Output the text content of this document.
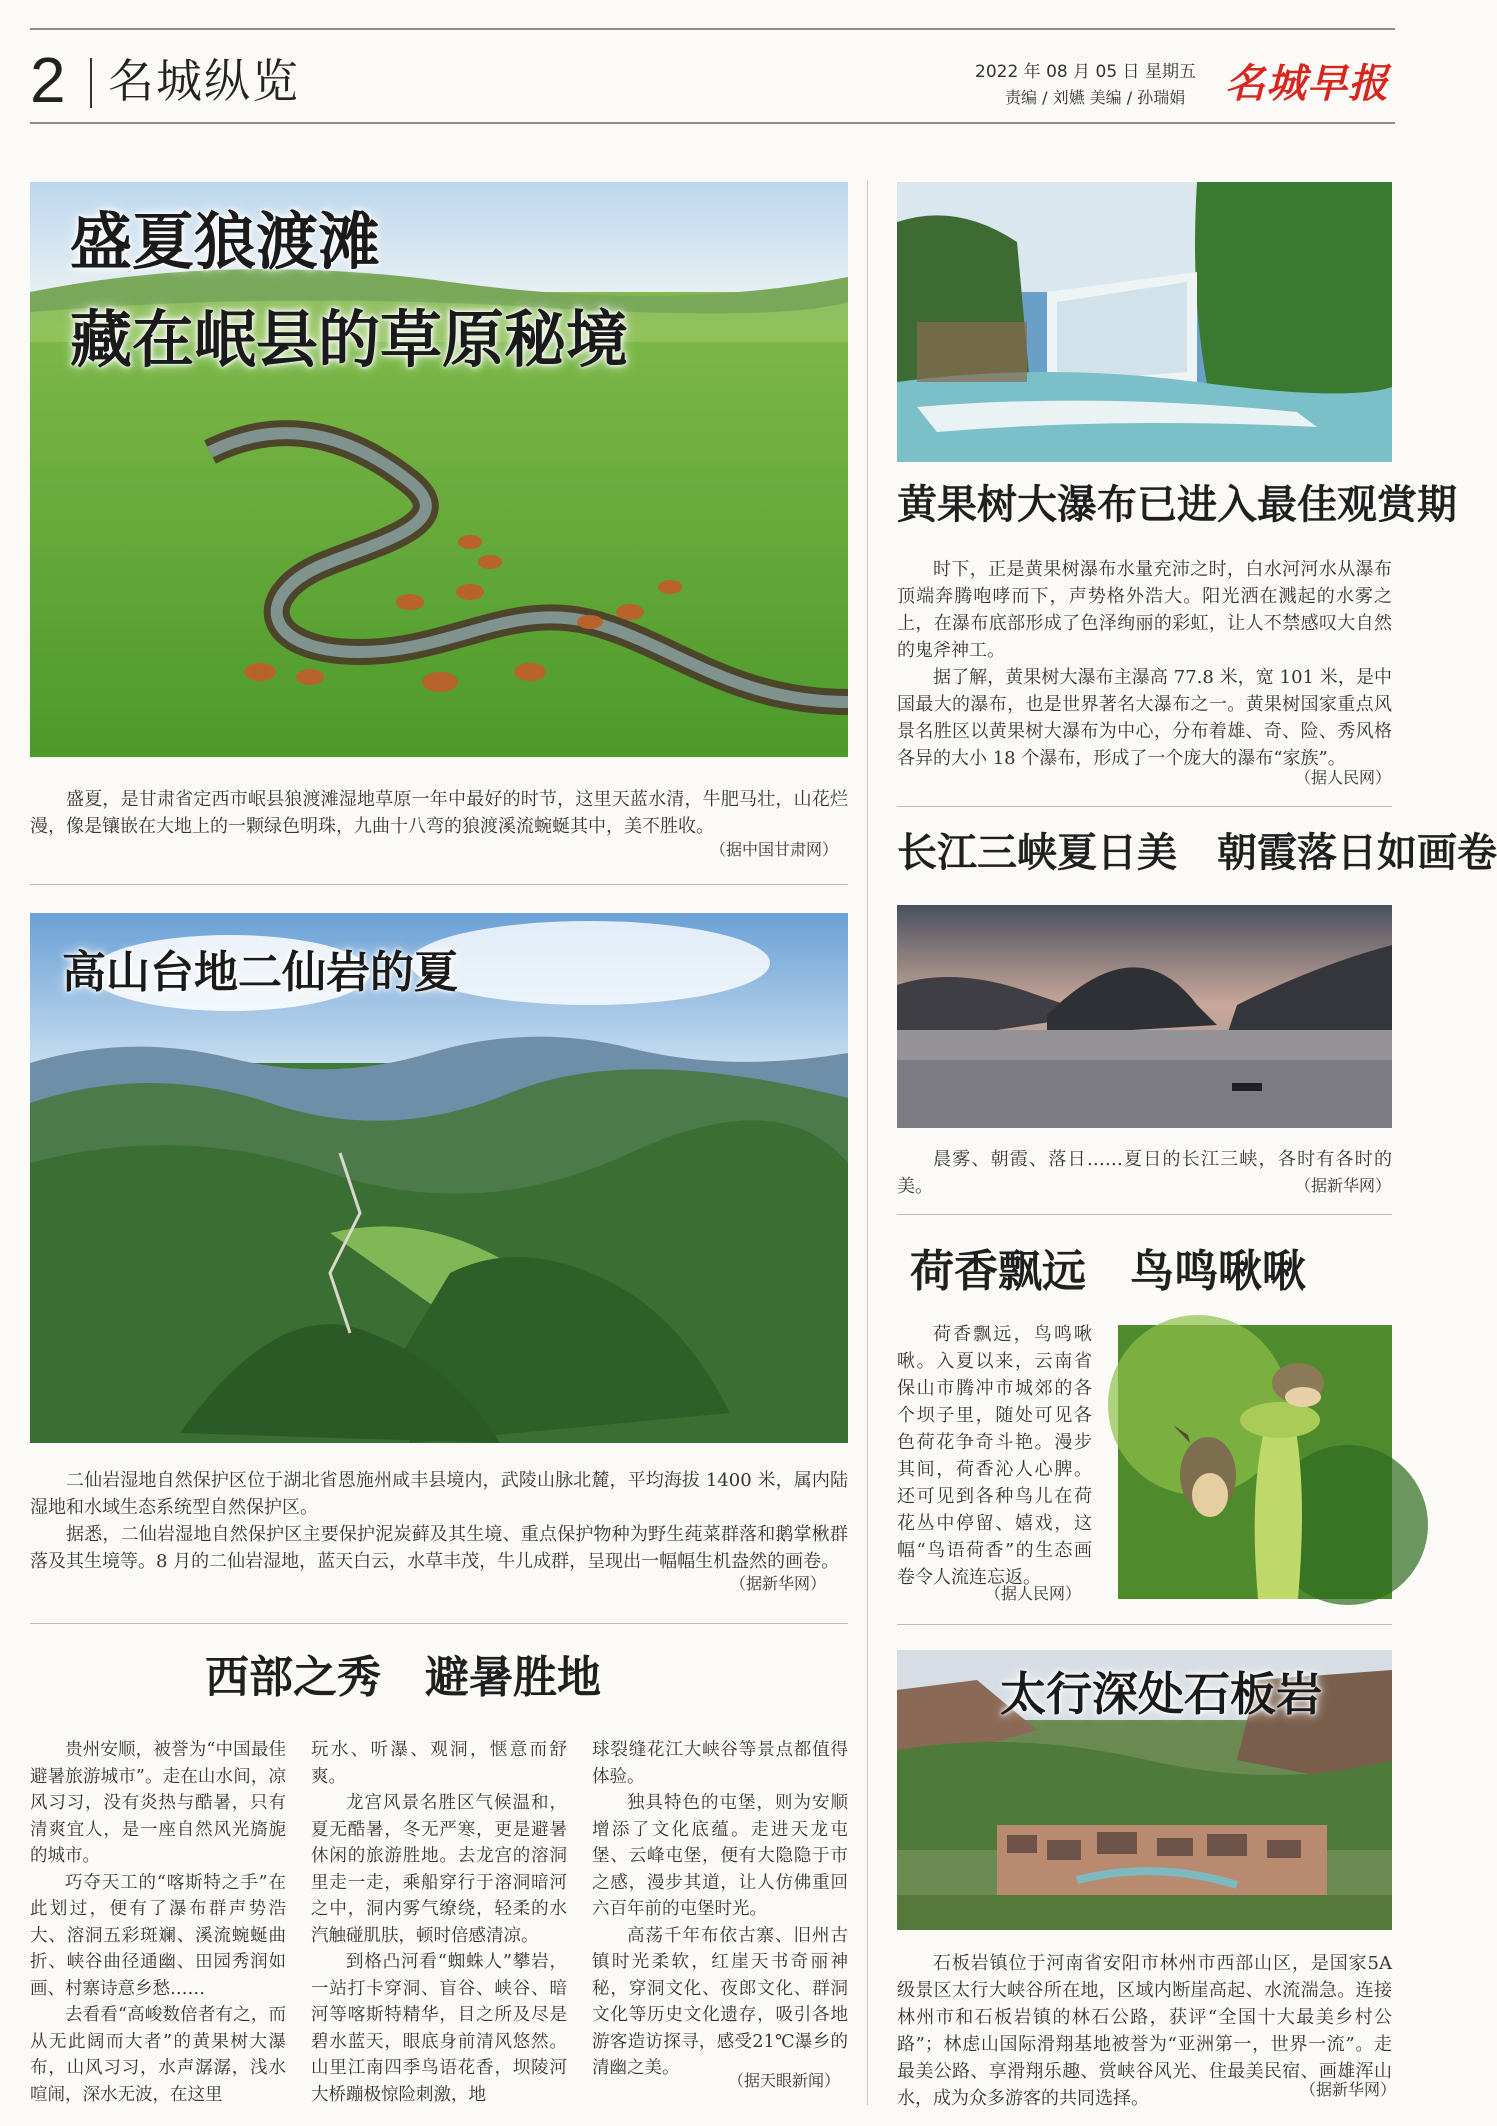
2 名城纵览	2022 年 08 月 05 日 星期五
责编 / 刘嬿 美编 / 孙瑞娟 名城早报
盛夏狼渡滩
藏在岷县的草原秘境

盛夏，是甘肃省定西市岷县狼渡滩湿地草原一年中最好的时节，这里天蓝水清，牛肥马壮，山花烂漫，像是镶嵌在大地上的一颗绿色明珠，九曲十八弯的狼渡溪流蜿蜒其中，美不胜收。

（据中国甘肃网）
高山台地二仙岩的夏

二仙岩湿地自然保护区位于湖北省恩施州咸丰县境内，武陵山脉北麓，平均海拔 1400 米，属内陆湿地和水域生态系统型自然保护区。

据悉，二仙岩湿地自然保护区主要保护泥炭藓及其生境、重点保护物种为野生莼菜群落和鹅掌楸群落及其生境等。8 月的二仙岩湿地，蓝天白云，水草丰茂，牛儿成群，呈现出一幅幅生机盎然的画卷。

（据新华网）
西部之秀　避暑胜地

贵州安顺，被誉为“中国最佳避暑旅游城市”。走在山水间，凉风习习，没有炎热与酷暑，只有清爽宜人，是一座自然风光旖旎的城市。

巧夺天工的“喀斯特之手”在此划过，便有了瀑布群声势浩大、溶洞五彩斑斓、溪流蜿蜒曲折、峡谷曲径通幽、田园秀润如画、村寨诗意乡愁……

去看看“高峻数倍者有之，而从无此阔而大者”的黄果树大瀑布，山风习习，水声潺潺，浅水喧闹，深水无波，在这里

玩水、听瀑、观洞，惬意而舒爽。

龙宫风景名胜区气候温和，夏无酷暑，冬无严寒，更是避暑休闲的旅游胜地。去龙宫的溶洞里走一走，乘船穿行于溶洞暗河之中，洞内雾气缭绕，轻柔的水汽触碰肌肤，顿时倍感清凉。

到格凸河看“蜘蛛人”攀岩，一站打卡穿洞、盲谷、峡谷、暗河等喀斯特精华，目之所及尽是碧水蓝天，眼底身前清风悠然。山里江南四季鸟语花香，坝陵河大桥蹦极惊险刺激，地

球裂缝花江大峡谷等景点都值得体验。

独具特色的屯堡，则为安顺增添了文化底蕴。走进天龙屯堡、云峰屯堡，便有大隐隐于市之感，漫步其道，让人仿佛重回六百年前的屯堡时光。

高荡千年布依古寨、旧州古镇时光柔软，红崖天书奇丽神秘，穿洞文化、夜郎文化、群洞文化等历史文化遗存，吸引各地游客造访探寻，感受21℃瀑乡的清幽之美。

（据天眼新闻）
黄果树大瀑布已进入最佳观赏期

时下，正是黄果树瀑布水量充沛之时，白水河河水从瀑布顶端奔腾咆哮而下，声势格外浩大。阳光洒在溅起的水雾之上，在瀑布底部形成了色泽绚丽的彩虹，让人不禁感叹大自然的鬼斧神工。

据了解，黄果树大瀑布主瀑高 77.8 米，宽 101 米，是中国最大的瀑布，也是世界著名大瀑布之一。黄果树国家重点风景名胜区以黄果树大瀑布为中心，分布着雄、奇、险、秀风格各异的大小 18 个瀑布，形成了一个庞大的瀑布“家族”。

（据人民网）
长江三峡夏日美　朝霞落日如画卷

晨雾、朝霞、落日……夏日的长江三峡，各时有各时的美。	（据新华网）
荷香飘远　鸟鸣啾啾

荷香飘远，鸟鸣啾啾。入夏以来，云南省保山市腾冲市城郊的各个坝子里，随处可见各色荷花争奇斗艳。漫步其间，荷香沁人心脾。还可见到各种鸟儿在荷花丛中停留、嬉戏，这幅“鸟语荷香”的生态画卷令人流连忘返。

（据人民网）
太行深处石板岩

石板岩镇位于河南省安阳市林州市西部山区，是国家5A 级景区太行大峡谷所在地，区域内断崖高起、水流湍急。连接林州市和石板岩镇的林石公路，获评“全国十大最美乡村公路”；林虑山国际滑翔基地被誉为“亚洲第一，世界一流”。走最美公路、享滑翔乐趣、赏峡谷风光、住最美民宿、画雄浑山水，成为众多游客的共同选择。	（据新华网）
